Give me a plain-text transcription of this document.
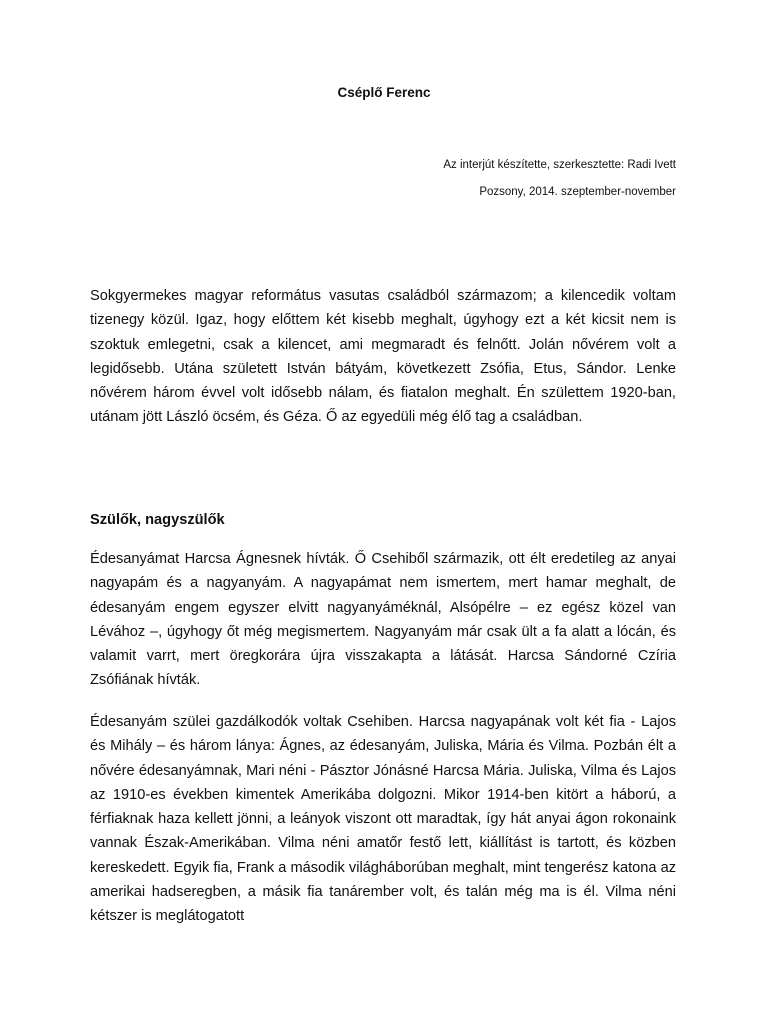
Cséplő Ferenc

Az interjút készítette, szerkesztette: Radi Ivett

Pozsony, 2014. szeptember-november

Sokgyermekes magyar református vasutas családból származom; a kilencedik voltam tizenegy közül. Igaz, hogy előttem két kisebb meghalt, úgyhogy ezt a két kicsit nem is szoktuk emlegetni, csak a kilencet, ami megmaradt és felnőtt. Jolán nővérem volt a legidősebb. Utána született István bátyám, következett Zsófia, Etus, Sándor. Lenke nővérem három évvel volt idősebb nálam, és fiatalon meghalt. Én születtem 1920-ban, utánam jött László öcsém, és Géza. Ő az egyedüli még élő tag a családban.

Szülők, nagyszülők

Édesanyámat Harcsa Ágnesnek hívták. Ő Csehiből származik, ott élt eredetileg az anyai nagyapám és a nagyanyám. A nagyapámat nem ismertem, mert hamar meghalt, de édesanyám engem egyszer elvitt nagyanyáméknál, Alsópélre – ez egész közel van Lévához –, úgyhogy őt még megismertem. Nagyanyám már csak ült a fa alatt a lócán, és valamit varrt, mert öregkorára újra visszakapta a látását. Harcsa Sándorné Czíria Zsófiának hívták.

Édesanyám szülei gazdálkodók voltak Csehiben. Harcsa nagyapának volt két fia - Lajos és Mihály – és három lánya: Ágnes, az édesanyám, Juliska, Mária és Vilma. Pozbán élt a nővére édesanyámnak, Mari néni - Pásztor Jónásné Harcsa Mária. Juliska, Vilma és Lajos az 1910-es években kimentek Amerikába dolgozni. Mikor 1914-ben kitört a háború, a férfiaknak haza kellett jönni, a leányok viszont ott maradtak, így hát anyai ágon rokonaink vannak Észak-Amerikában. Vilma néni amatőr festő lett, kiállítást is tartott, és közben kereskedett. Egyik fia, Frank a második világháborúban meghalt, mint tengerész katona az amerikai hadseregben, a másik fia tanárember volt, és talán még ma is él. Vilma néni kétszer is meglátogatott
